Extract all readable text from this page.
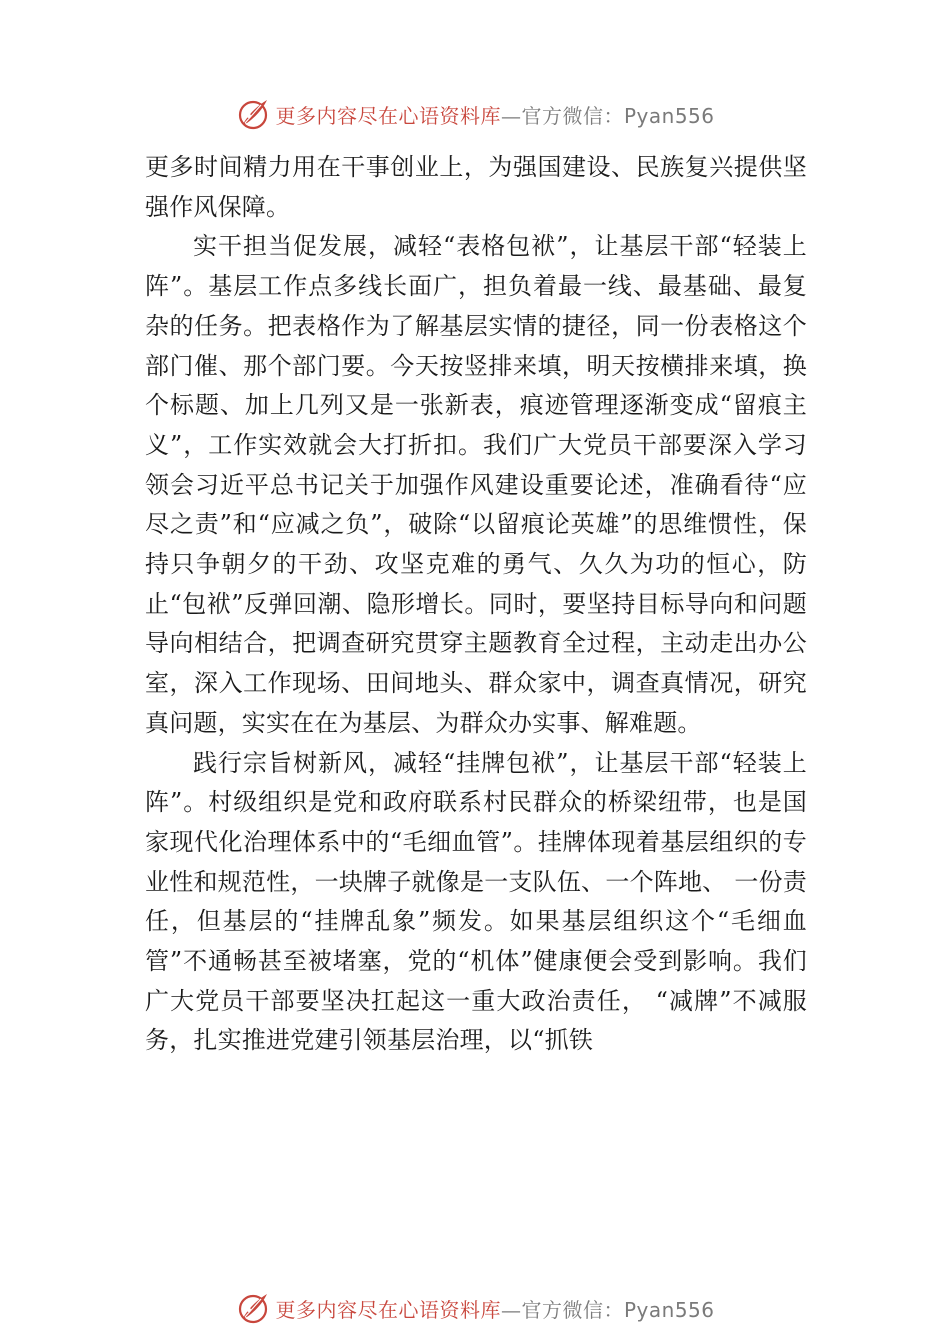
更多内容尽在心语资料库—官方微信：Pyan556

更多时间精力用在干事创业上，为强国建设、民族复兴提供坚强作风保障。

实干担当促发展，减轻“表格包袱”，让基层干部“轻装上阵”。基层工作点多线长面广，担负着最一线、最基础、最复杂的任务。把表格作为了解基层实情的捷径，同一份表格这个部门催、那个部门要。今天按竖排来填，明天按横排来填，换个标题、加上几列又是一张新表，痕迹管理逐渐变成“留痕主义”，工作实效就会大打折扣。我们广大党员干部要深入学习领会习近平总书记关于加强作风建设重要论述，准确看待“应尽之责”和“应减之负”，破除“以留痕论英雄”的思维惯性，保持只争朝夕的干劲、攻坚克难的勇气、久久为功的恒心，防止“包袱”反弹回潮、隐形增长。同时，要坚持目标导向和问题导向相结合，把调查研究贯穿主题教育全过程，主动走出办公室，深入工作现场、田间地头、群众家中，调查真情况，研究真问题，实实在在为基层、为群众办实事、解难题。

践行宗旨树新风，减轻“挂牌包袱”，让基层干部“轻装上阵”。村级组织是党和政府联系村民群众的桥梁纽带，也是国家现代化治理体系中的“毛细血管”。挂牌体现着基层组织的专业性和规范性，一块牌子就像是一支队伍、一个阵地、 一份责任，但基层的“挂牌乱象”频发。如果基层组织这个“毛细血管”不通畅甚至被堵塞，党的“机体”健康便会受到影响。我们广大党员干部要坚决扛起这一重大政治责任， “减牌”不减服务，扎实推进党建引领基层治理，以“抓铁

更多内容尽在心语资料库—官方微信：Pyan556
